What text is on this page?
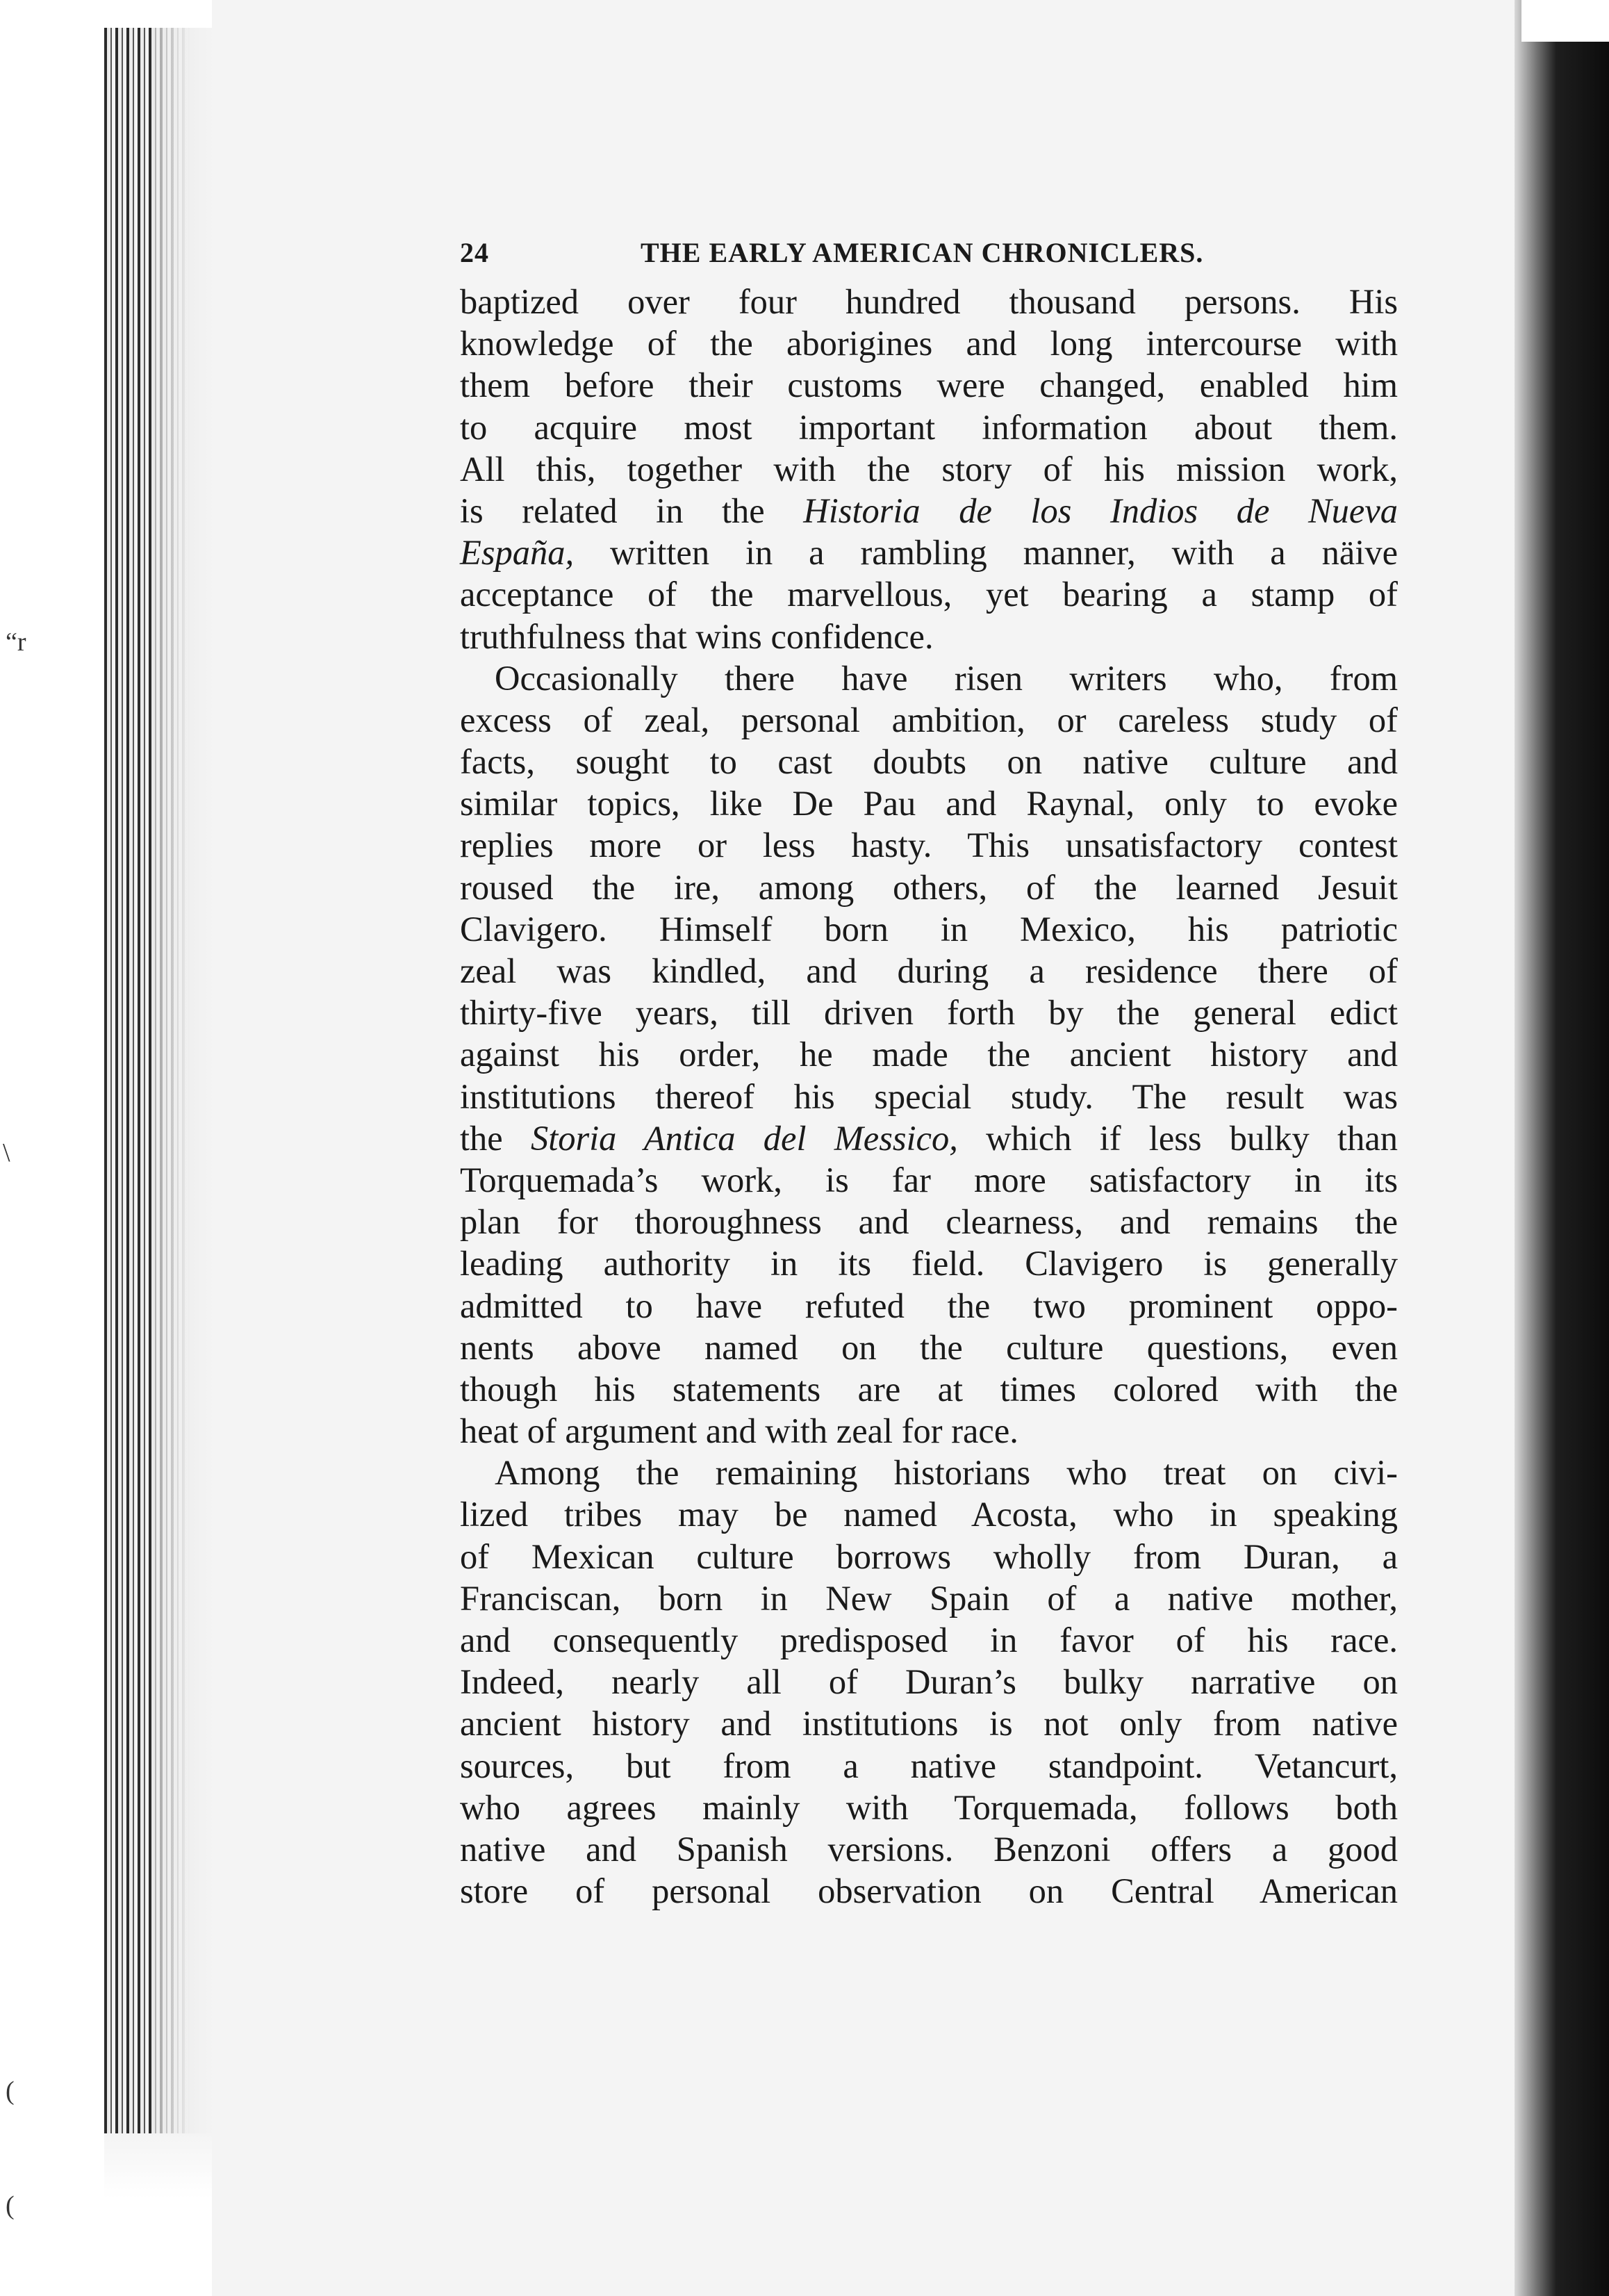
“r
\
(
(
24	THE EARLY AMERICAN CHRONICLERS.
baptized over four hundred thousand persons. His
knowledge of the aborigines and long intercourse with
them before their customs were changed, enabled him
to acquire most important information about them.
All this, together with the story of his mission work,
is related in the Historia de los Indios de Nueva
España, written in a rambling manner, with a näive
acceptance of the marvellous, yet bearing a stamp of
truthfulness that wins confidence.
Occasionally there have risen writers who, from
excess of zeal, personal ambition, or careless study of
facts, sought to cast doubts on native culture and
similar topics, like De Pau and Raynal, only to evoke
replies more or less hasty. This unsatisfactory contest
roused the ire, among others, of the learned Jesuit
Clavigero. Himself born in Mexico, his patriotic
zeal was kindled, and during a residence there of
thirty-five years, till driven forth by the general edict
against his order, he made the ancient history and
institutions thereof his special study. The result was
the Storia Antica del Messico, which if less bulky than
Torquemada’s work, is far more satisfactory in its
plan for thoroughness and clearness, and remains the
leading authority in its field. Clavigero is generally
admitted to have refuted the two prominent oppo-
nents above named on the culture questions, even
though his statements are at times colored with the
heat of argument and with zeal for race.
Among the remaining historians who treat on civi-
lized tribes may be named Acosta, who in speaking
of Mexican culture borrows wholly from Duran, a
Franciscan, born in New Spain of a native mother,
and consequently predisposed in favor of his race.
Indeed, nearly all of Duran’s bulky narrative on
ancient history and institutions is not only from native
sources, but from a native standpoint. Vetancurt,
who agrees mainly with Torquemada, follows both
native and Spanish versions. Benzoni offers a good
store of personal observation on Central American
